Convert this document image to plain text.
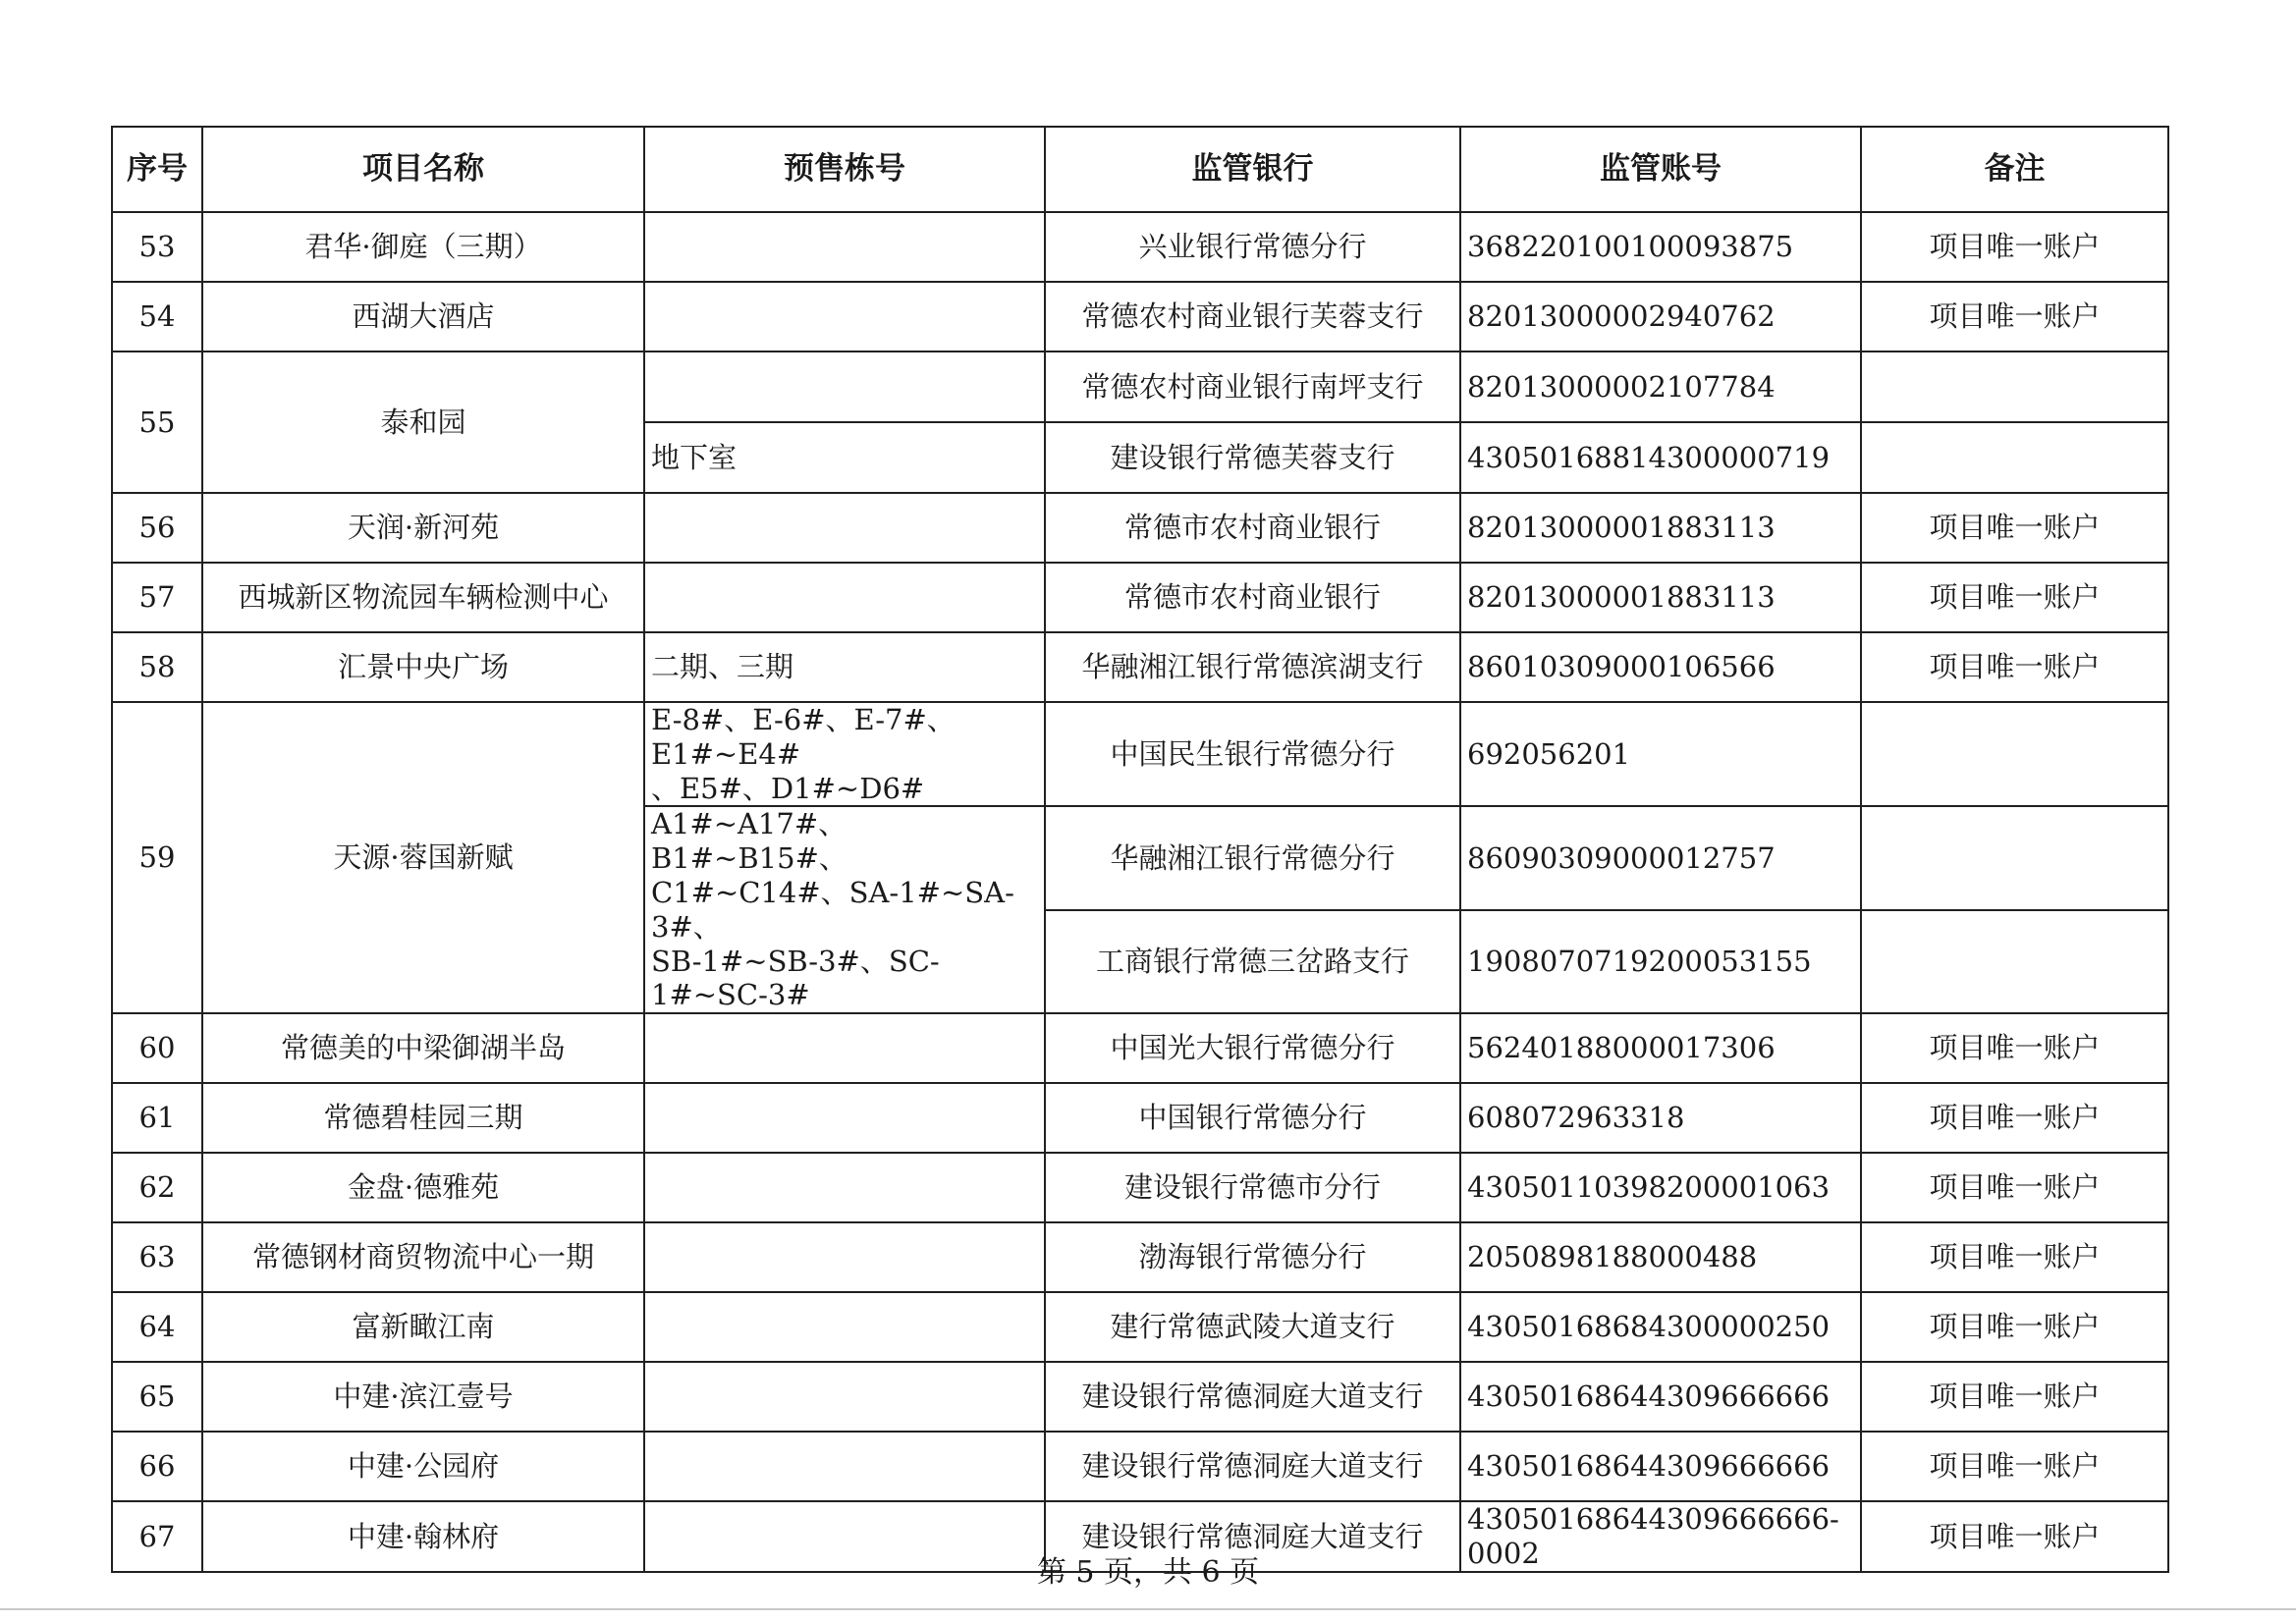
序号	项目名称	预售栋号	监管银行	监管账号	备注
53	君华·御庭（三期）		兴业银行常德分行	368220100100093875	项目唯一账户
54	西湖大酒店		常德农村商业银行芙蓉支行	82013000002940762	项目唯一账户
55	泰和园		常德农村商业银行南坪支行	82013000002107784	
		地下室	建设银行常德芙蓉支行	43050168814300000719	
56	天润·新河苑		常德市农村商业银行	82013000001883113	项目唯一账户
57	西城新区物流园车辆检测中心		常德市农村商业银行	82013000001883113	项目唯一账户
58	汇景中央广场	二期、三期	华融湘江银行常德滨湖支行	86010309000106566	项目唯一账户
59	天源·蓉国新赋	E-8#、E-6#、E-7#、E1#~E4#
、E5#、D1#~D6#	中国民生银行常德分行	692056201	

		A1#~A17#、B1#~B15#、
C1#~C14#、SA-1#~SA-3#、
SB-1#~SB-3#、SC-1#~SC-3#	华融湘江银行常德分行	86090309000012757	
			工商银行常德三岔路支行	1908070719200053155	
60	常德美的中梁御湖半岛		中国光大银行常德分行	56240188000017306	项目唯一账户
61	常德碧桂园三期		中国银行常德分行	608072963318	项目唯一账户
62	金盘·德雅苑		建设银行常德市分行	43050110398200001063	项目唯一账户
63	常德钢材商贸物流中心一期		渤海银行常德分行	2050898188000488	项目唯一账户
64	富新瞰江南		建行常德武陵大道支行	43050168684300000250	项目唯一账户
65	中建·滨江壹号		建设银行常德洞庭大道支行	43050168644309666666	项目唯一账户
66	中建·公园府		建设银行常德洞庭大道支行	43050168644309666666	项目唯一账户
67	中建·翰林府		建设银行常德洞庭大道支行	43050168644309666666-0002	项目唯一账户
第 5 页，共 6 页
